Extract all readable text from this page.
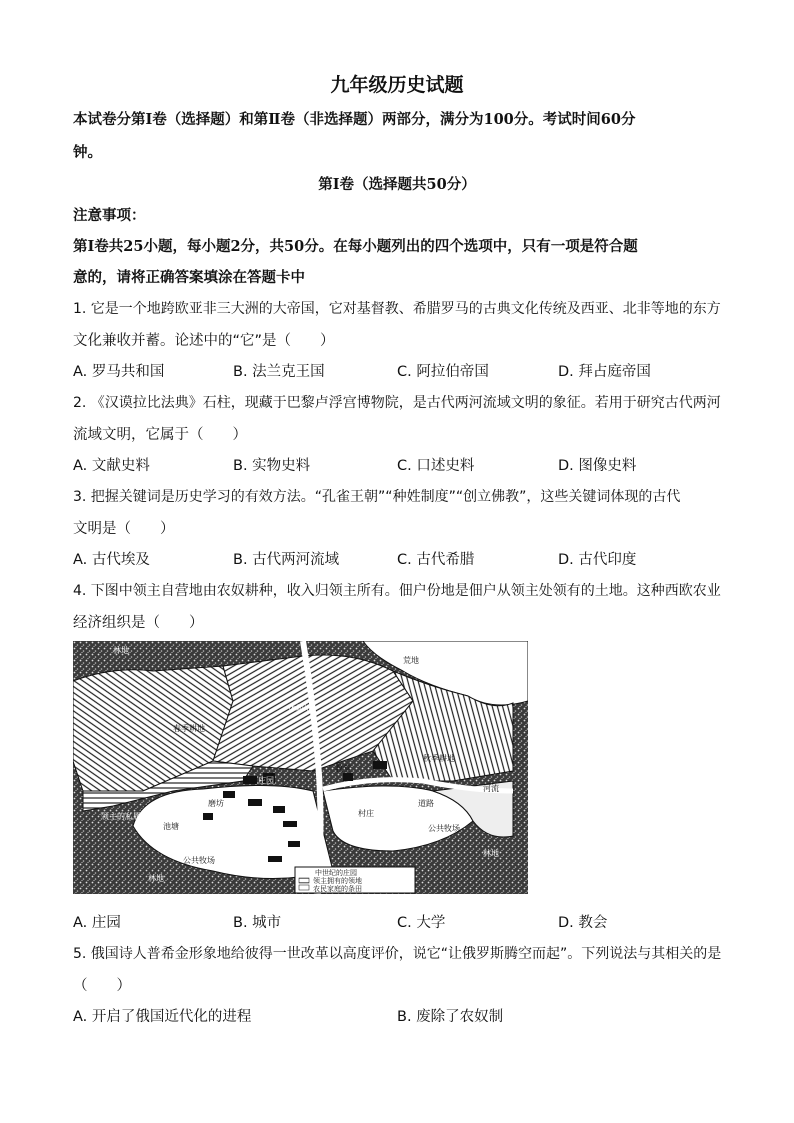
九年级历史试题
本试卷分第Ⅰ卷（选择题）和第Ⅱ卷（非选择题）两部分，满分为100分。考试时间60分
钟。
第Ⅰ卷（选择题共50分）
注意事项：
第Ⅰ卷共25小题，每小题2分，共50分。在每小题列出的四个选项中，只有一项是符合题
意的，请将正确答案填涂在答题卡中
1. 它是一个地跨欧亚非三大洲的大帝国，它对基督教、希腊罗马的古典文化传统及西亚、北非等地的东方
文化兼收并蓄。论述中的“它”是（　　）
A. 罗马共和国	B. 法兰克王国	C. 阿拉伯帝国	D. 拜占庭帝国
2. 《汉谟拉比法典》石柱，现藏于巴黎卢浮宫博物院，是古代两河流域文明的象征。若用于研究古代两河
流域文明，它属于（　　）
A. 文献史料	B. 实物史料	C. 口述史料	D. 图像史料
3. 把握关键词是历史学习的有效方法。“孔雀王朝”“种姓制度”“创立佛教”，这些关键词体现的古代
文明是（　　）
A. 古代埃及	B. 古代两河流域	C. 古代希腊	D. 古代印度
4. 下图中领主自营地由农奴耕种，收入归领主所有。佃户份地是佃户从领主处领有的土地。这种西欧农业
经济组织是（　　）
荒地
休耕地
春季耕地
秋季耕地
教堂
庄园
磨坊
村庄
道路
河流
公共牧场
领主的私属之地
池塘
公共牧场
林地
林地
林地
中世纪的庄园
领主拥有的领地
农民家庭的条田
A. 庄园	B. 城市	C. 大学	D. 教会
5. 俄国诗人普希金形象地给彼得一世改革以高度评价，说它“让俄罗斯腾空而起”。下列说法与其相关的是
（　　）
A. 开启了俄国近代化的进程	B. 废除了农奴制
